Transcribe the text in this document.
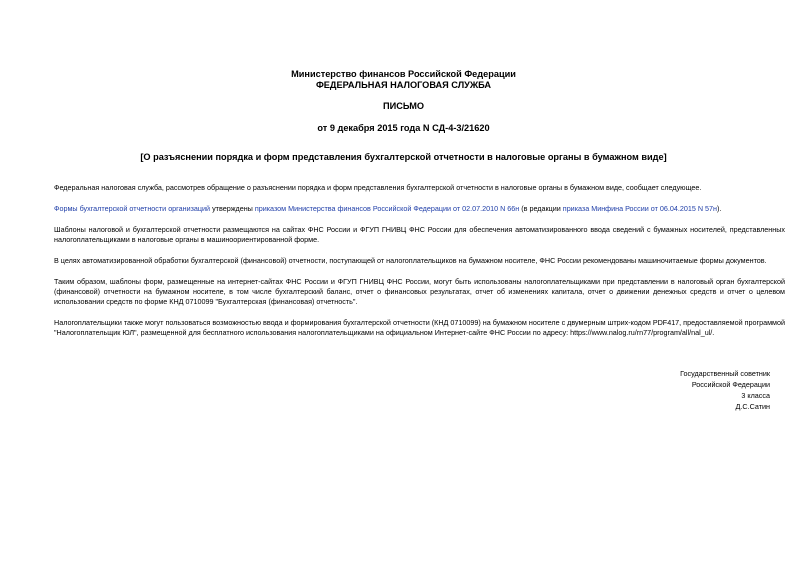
Министерство финансов Российской Федерации
ФЕДЕРАЛЬНАЯ НАЛОГОВАЯ СЛУЖБА
ПИСЬМО
от 9 декабря 2015 года N СД-4-3/21620
[О разъяснении порядка и форм представления бухгалтерской отчетности в налоговые органы в бумажном виде]
Федеральная налоговая служба, рассмотрев обращение о разъяснении порядка и форм представления бухгалтерской отчетности в налоговые органы в бумажном виде, сообщает следующее.
Формы бухгалтерской отчетности организаций утверждены приказом Министерства финансов Российской Федерации от 02.07.2010 N 66н (в редакции приказа Минфина России от 06.04.2015 N 57н).
Шаблоны налоговой и бухгалтерской отчетности размещаются на сайтах ФНС России и ФГУП ГНИВЦ ФНС России для обеспечения автоматизированного ввода сведений с бумажных носителей, представленных налогоплательщиками в налоговые органы в машиноориентированной форме.
В целях автоматизированной обработки бухгалтерской (финансовой) отчетности, поступающей от налогоплательщиков на бумажном носителе, ФНС России рекомендованы машиночитаемые формы документов.
Таким образом, шаблоны форм, размещенные на интернет-сайтах ФНС России и ФГУП ГНИВЦ ФНС России, могут быть использованы налогоплательщиками при представлении в налоговый орган бухгалтерской (финансовой) отчетности на бумажном носителе, в том числе бухгалтерский баланс, отчет о финансовых результатах, отчет об изменениях капитала, отчет о движении денежных средств и отчет о целевом использовании средств по форме КНД 0710099 "Бухгалтерская (финансовая) отчетность".
Налогоплательщики также могут пользоваться возможностью ввода и формирования бухгалтерской отчетности (КНД 0710099) на бумажном носителе с двумерным штрих-кодом PDF417, предоставляемой программой "Налогоплательщик ЮЛ", размещенной для бесплатного использования налогоплательщиками на официальном Интернет-сайте ФНС России по адресу: https://www.nalog.ru/rn77/program/all/nal_ul/.
Государственный советник
Российской Федерации
3 класса
Д.С.Сатин
